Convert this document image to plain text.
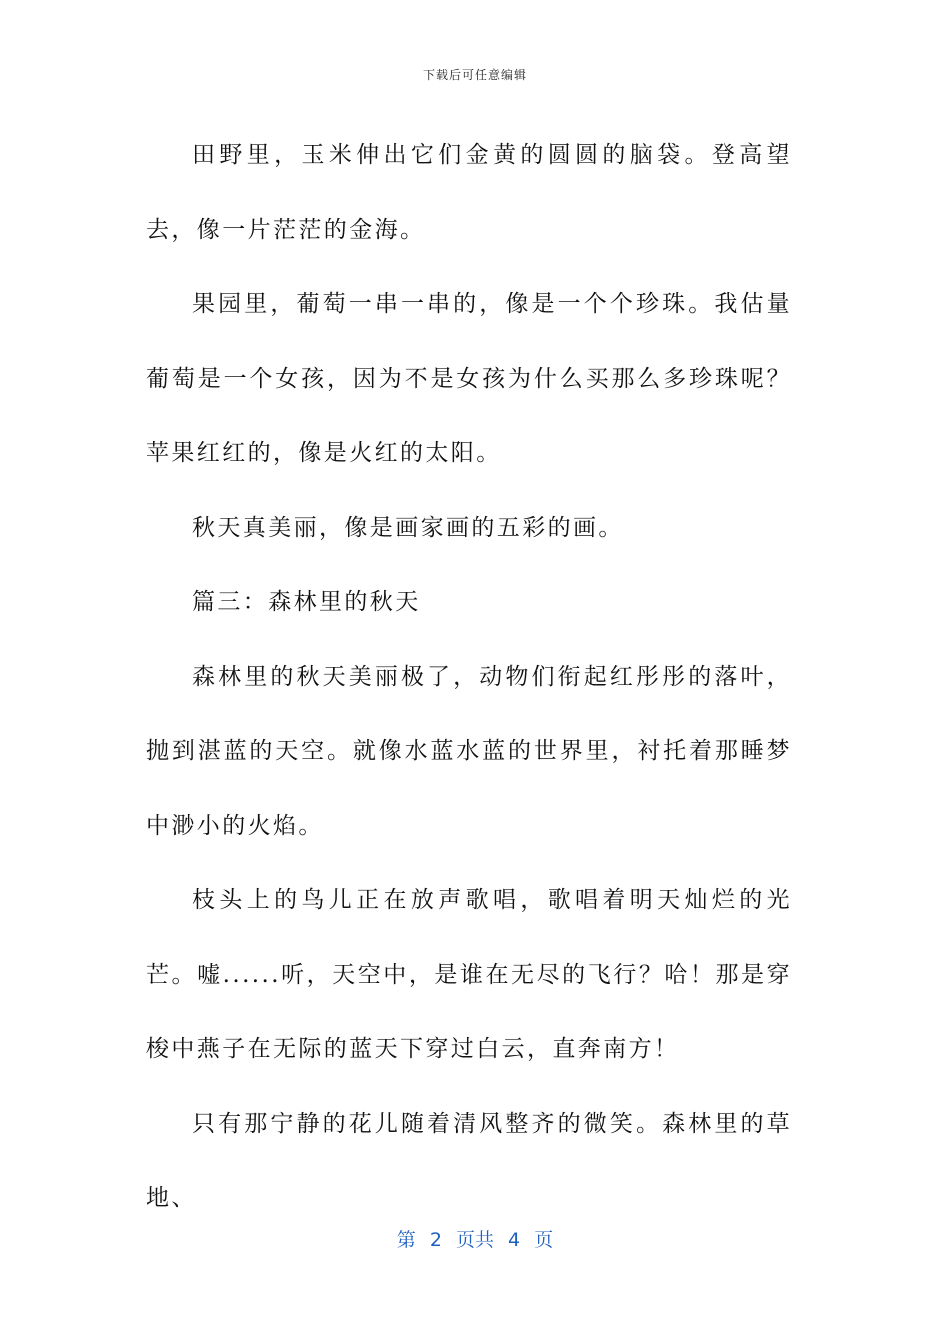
下载后可任意编辑

田野里，玉米伸出它们金黄的圆圆的脑袋。登高望去，像一片茫茫的金海。

果园里，葡萄一串一串的，像是一个个珍珠。我估量葡萄是一个女孩，因为不是女孩为什么买那么多珍珠呢？苹果红红的，像是火红的太阳。

秋天真美丽，像是画家画的五彩的画。

篇三：森林里的秋天

森林里的秋天美丽极了，动物们衔起红彤彤的落叶，抛到湛蓝的天空。就像水蓝水蓝的世界里，衬托着那睡梦中渺小的火焰。

枝头上的鸟儿正在放声歌唱，歌唱着明天灿烂的光芒。嘘......听，天空中，是谁在无尽的飞行？哈！那是穿梭中燕子在无际的蓝天下穿过白云，直奔南方！

只有那宁静的花儿随着清风整齐的微笑。森林里的草地、

第 2 页共 4 页
